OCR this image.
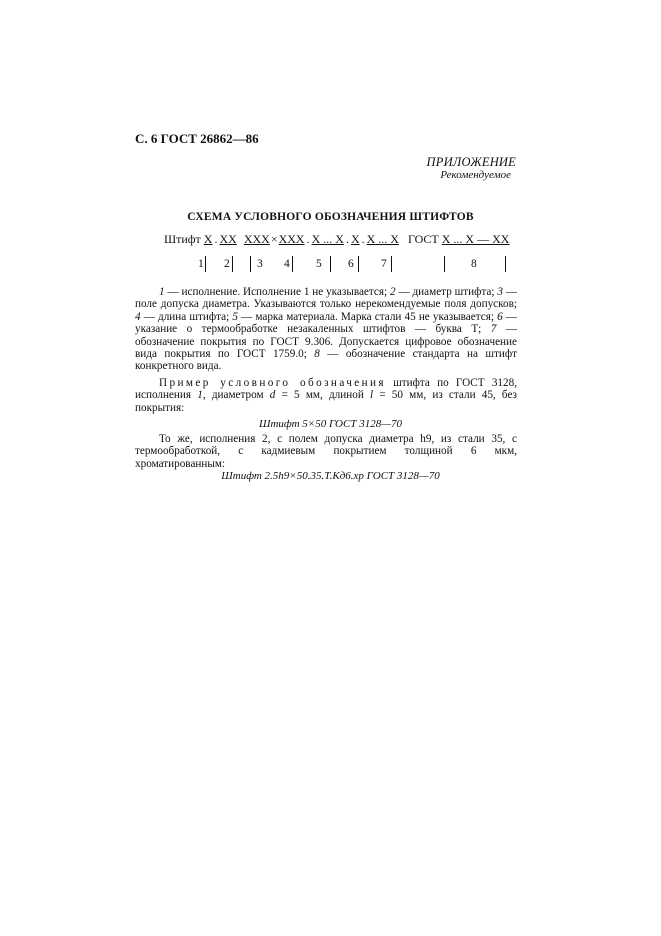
С. 6 ГОСТ 26862—86
ПРИЛОЖЕНИЕ
Рекомендуемое
СХЕМА УСЛОВНОГО ОБОЗНАЧЕНИЯ ШТИФТОВ
Штифт Х . ХХ ХХХ×ХХХ . Х ... Х . Х . Х ... Х ГОСТ Х ... Х — ХХ
1 2 3 4 5 6 7	8
1 — исполнение. Исполнение 1 не указывается; 2 — диаметр штифта; 3 — поле допуска диаметра. Указываются только нерекомендуемые поля допусков; 4 — длина штифта; 5 — марка материала. Марка стали 45 не указывается; 6 — указание о термообработке незакаленных штифтов — буква Т; 7 — обозначение покрытия по ГОСТ 9.306. Допускается цифровое обозначение вида покрытия по ГОСТ 1759.0; 8 — обозначение стандарта на штифт конкретного вида.
Пример условного обозначения штифта по ГОСТ 3128, исполнения 1, диаметром d = 5 мм, длиной l = 50 мм, из стали 45, без покрытия:
Штифт 5×50 ГОСТ 3128—70
То же, исполнения 2, с полем допуска диаметра h9, из стали 35, с термообработкой, с кадмиевым покрытием толщиной 6 мкм, хроматированным:
Штифт 2.5h9×50.35.Т.Кд6.хр ГОСТ 3128—70
